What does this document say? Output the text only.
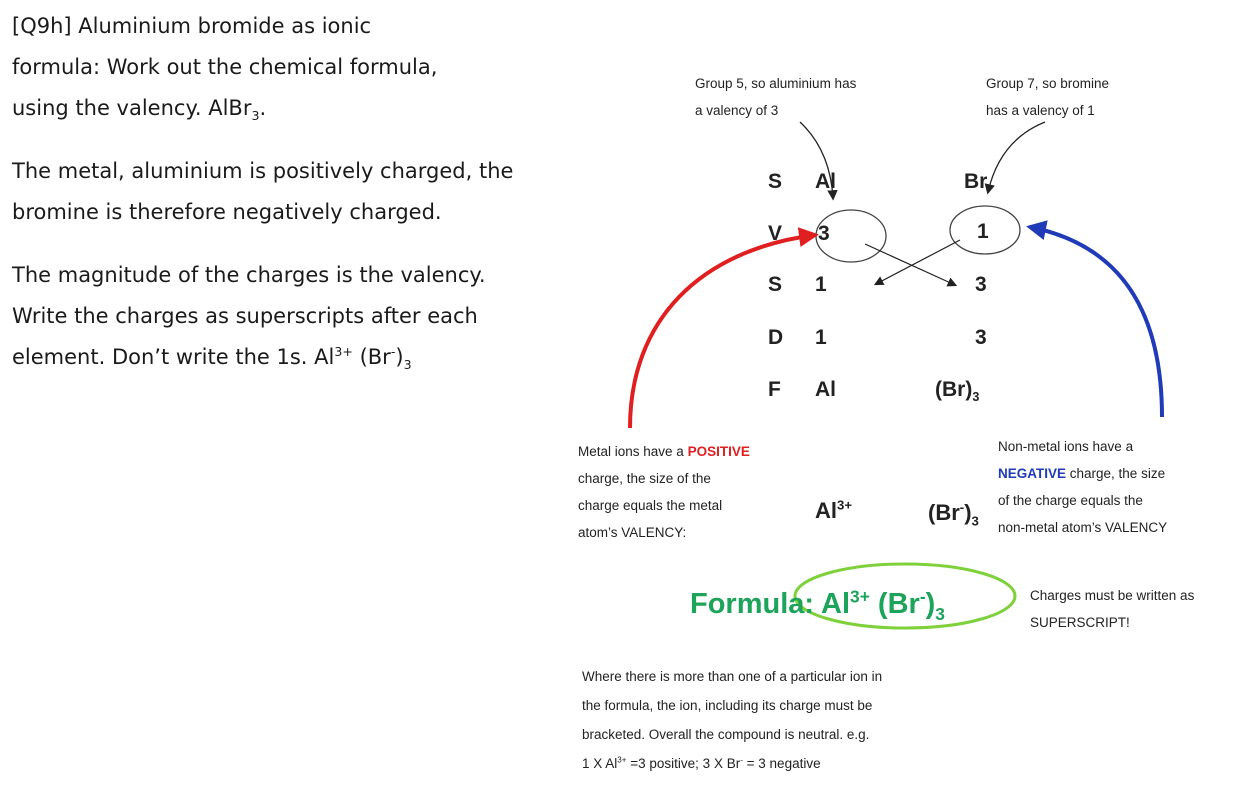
[Q9h] Aluminium bromide as ionic
formula: Work out the chemical formula,
using the valency. AlBr$_3$.

The metal, aluminium is positively charged, the
bromine is therefore negatively charged.

The magnitude of the charges is the valency.
Write the charges as superscripts after each
element. Don’t write the 1s. $Al^{3+}$ $(Br^-)_3$

Group 5, so aluminium has
a valency of 3
Group 7, so bromine
has a valency of 1
S
V
S
D
F
Al
3
1
1
Al
Br
1
3
3
$(Br)_3$
Metal ions have a POSITIVE
charge, the size of the
charge equals the metal
atom’s VALENCY:
Non-metal ions have a
NEGATIVE charge, the size
of the charge equals the
non-metal atom’s VALENCY
$Al^{3+}$	$(Br^-)_3$
Formula: $Al^{3+}$ $(Br^-)_3$
Charges must be written as
SUPERSCRIPT!
Where there is more than one of a particular ion in
the formula, the ion, including its charge must be
bracketed. Overall the compound is neutral. e.g.
1 X $Al^{3+} =3$ positive; 3 X Br- = 3 negative
